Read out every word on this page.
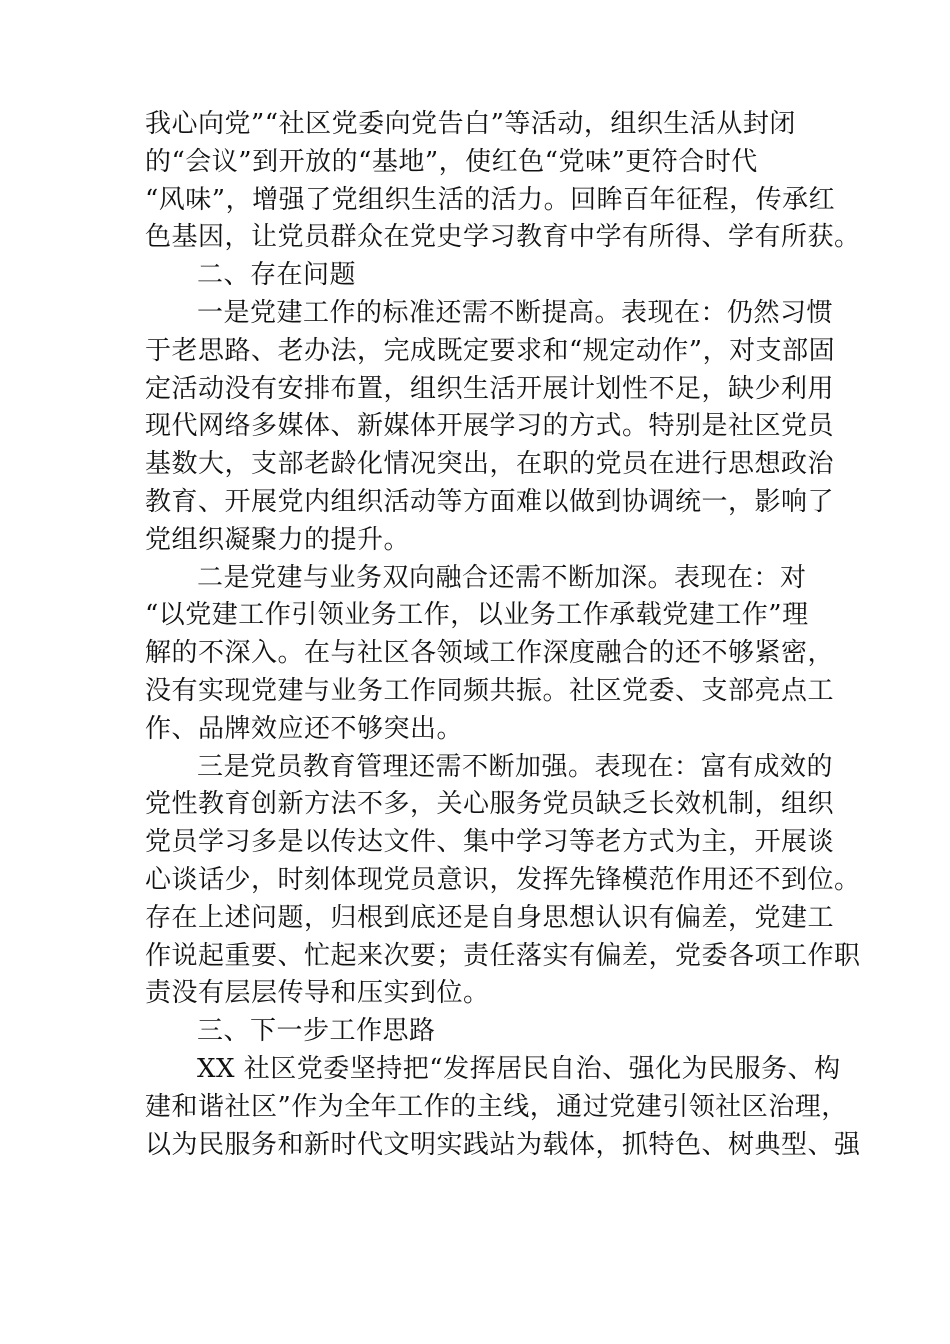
我心向党”“社区党委向党告白”等活动，组织生活从封闭
的“会议”到开放的“基地”，使红色“党味”更符合时代
“风味”，增强了党组织生活的活力。回眸百年征程，传承红
色基因，让党员群众在党史学习教育中学有所得、学有所获。
二、存在问题
一是党建工作的标准还需不断提高。表现在：仍然习惯
于老思路、老办法，完成既定要求和“规定动作”，对支部固
定活动没有安排布置，组织生活开展计划性不足，缺少利用
现代网络多媒体、新媒体开展学习的方式。特别是社区党员
基数大，支部老龄化情况突出，在职的党员在进行思想政治
教育、开展党内组织活动等方面难以做到协调统一，影响了
党组织凝聚力的提升。
二是党建与业务双向融合还需不断加深。表现在：对
“以党建工作引领业务工作，以业务工作承载党建工作”理
解的不深入。在与社区各领域工作深度融合的还不够紧密，
没有实现党建与业务工作同频共振。社区党委、支部亮点工
作、品牌效应还不够突出。
三是党员教育管理还需不断加强。表现在：富有成效的
党性教育创新方法不多，关心服务党员缺乏长效机制，组织
党员学习多是以传达文件、集中学习等老方式为主，开展谈
心谈话少，时刻体现党员意识，发挥先锋模范作用还不到位。
存在上述问题，归根到底还是自身思想认识有偏差，党建工
作说起重要、忙起来次要；责任落实有偏差，党委各项工作职
责没有层层传导和压实到位。
三、下一步工作思路
XX 社区党委坚持把“发挥居民自治、强化为民服务、构
建和谐社区”作为全年工作的主线，通过党建引领社区治理，
以为民服务和新时代文明实践站为载体，抓特色、树典型、强
